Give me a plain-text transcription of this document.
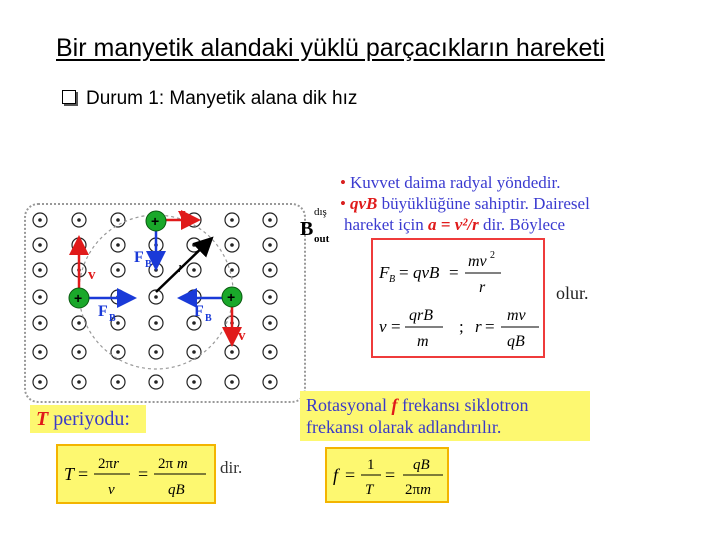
Bir manyetik alandaki yüklü parçacıkların hareketi
Durum 1: Manyetik alana dik hız
r
v
F B
+
v
F B
+
v
F B
+
B
dış
out
• Kuvvet daima radyal yöndedir.
• qvB büyüklüğüne sahiptir. Dairesel
hareket için a = v²/r dir. Böylece
F B = qvB =
mv 2
r
v =
qrB
m
; r =
mv
qB
olur.
T periyodu:
T = 2πr
v
= 2π m
qB
dir.
Rotasyonal f frekansı siklotron
frekansı olarak adlandırılır.
f = 1
T
= qB
2πm
